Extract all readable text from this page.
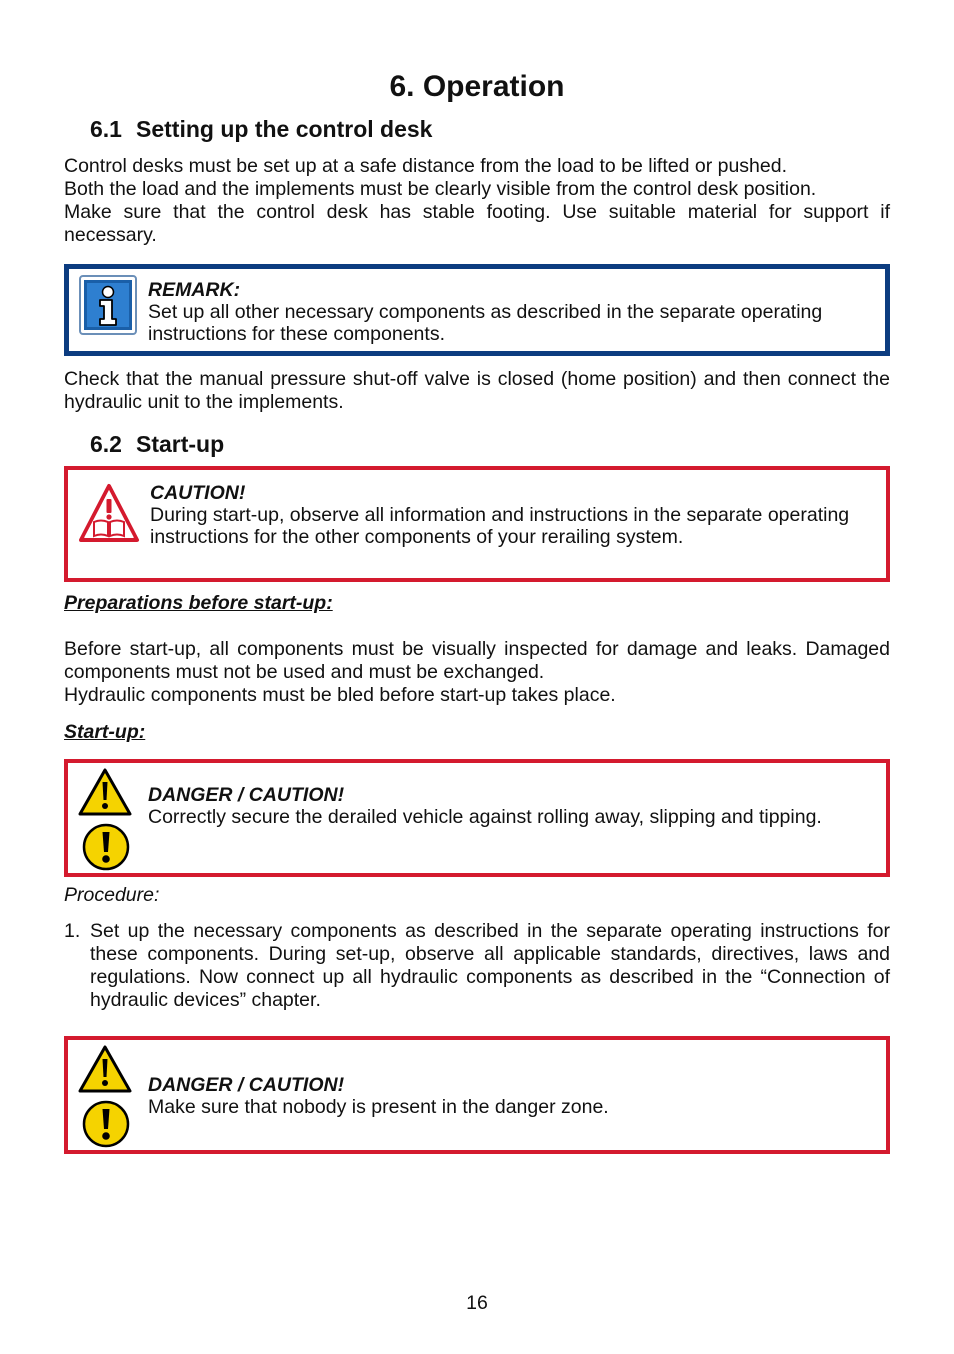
6. Operation
6.1 Setting up the control desk
Control desks must be set up at a safe distance from the load to be lifted or pushed.
Both the load and the implements must be clearly visible from the control desk position.
Make sure that the control desk has stable footing. Use suitable material for support if necessary.
REMARK:
Set up all other necessary components as described in the separate operating instructions for these components.
Check that the manual pressure shut-off valve is closed (home position) and then connect the hydraulic unit to the implements.
6.2 Start-up
CAUTION!
During start-up, observe all information and instructions in the separate operating instructions for the other components of your rerailing system.
Preparations before start-up:
Before start-up, all components must be visually inspected for damage and leaks. Damaged components must not be used and must be exchanged.
Hydraulic components must be bled before start-up takes place.
Start-up:
DANGER / CAUTION!
Correctly secure the derailed vehicle against rolling away, slipping and tipping.
Procedure:
1. Set up the necessary components as described in the separate operating instructions for these components. During set-up, observe all applicable standards, directives, laws and regulations. Now connect up all hydraulic components as described in the “Connection of hydraulic devices” chapter.
DANGER / CAUTION!
Make sure that nobody is present in the danger zone.
16
